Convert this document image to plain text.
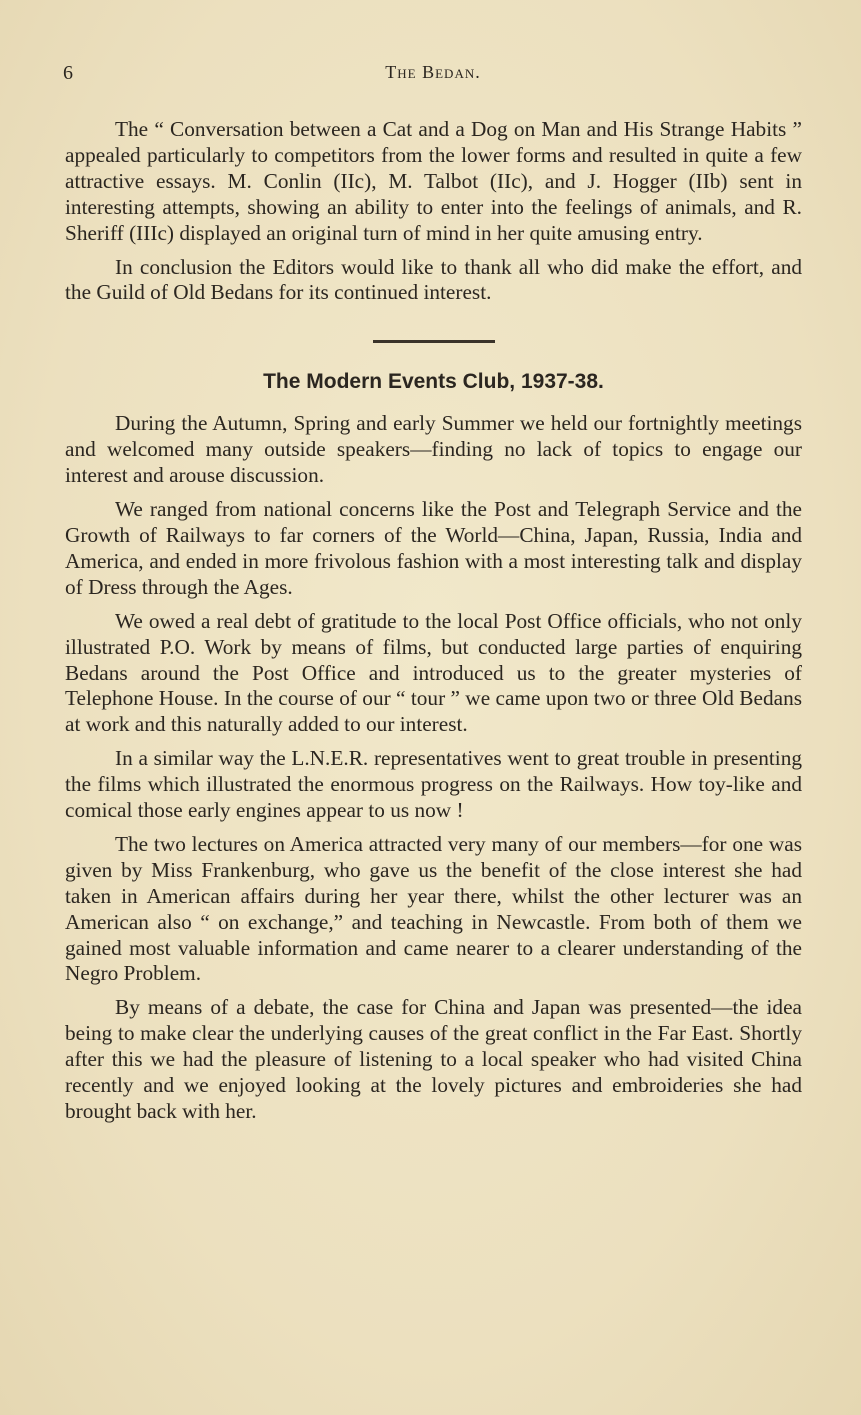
6	The Bedan.

The “ Conversation between a Cat and a Dog on Man and His Strange Habits ” appealed particularly to competitors from the lower forms and resulted in quite a few attractive essays. M. Conlin (IIc), M. Talbot (IIc), and J. Hogger (IIb) sent in interesting attempts, showing an ability to enter into the feelings of animals, and R. Sheriff (IIIc) displayed an original turn of mind in her quite amusing entry.

In conclusion the Editors would like to thank all who did make the effort, and the Guild of Old Bedans for its continued interest.

The Modern Events Club, 1937-38.

During the Autumn, Spring and early Summer we held our fortnightly meetings and welcomed many outside speakers—finding no lack of topics to engage our interest and arouse discussion.

We ranged from national concerns like the Post and Telegraph Service and the Growth of Railways to far corners of the World—China, Japan, Russia, India and America, and ended in more frivolous fashion with a most interesting talk and display of Dress through the Ages.

We owed a real debt of gratitude to the local Post Office officials, who not only illustrated P.O. Work by means of films, but conducted large parties of enquiring Bedans around the Post Office and introduced us to the greater mysteries of Telephone House. In the course of our “ tour ” we came upon two or three Old Bedans at work and this naturally added to our interest.

In a similar way the L.N.E.R. representatives went to great trouble in presenting the films which illustrated the enormous progress on the Railways. How toy-like and comical those early engines appear to us now !

The two lectures on America attracted very many of our members—for one was given by Miss Frankenburg, who gave us the benefit of the close interest she had taken in American affairs during her year there, whilst the other lecturer was an American also “ on exchange,” and teaching in Newcastle. From both of them we gained most valuable information and came nearer to a clearer understanding of the Negro Problem.

By means of a debate, the case for China and Japan was presented—the idea being to make clear the underlying causes of the great conflict in the Far East. Shortly after this we had the pleasure of listening to a local speaker who had visited China recently and we enjoyed looking at the lovely pictures and embroideries she had brought back with her.
